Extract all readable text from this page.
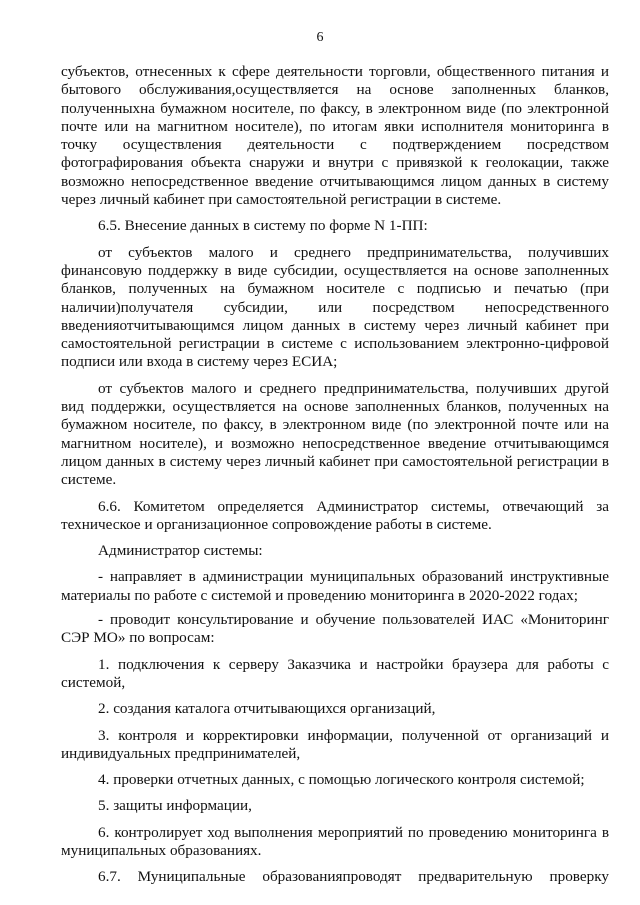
6
субъектов, отнесенных к сфере деятельности торговли, общественного питания и
бытового обслуживания,осуществляется на основе заполненных бланков,
полученныхна бумажном носителе, по факсу, в электронном виде (по электронной
почте или на магнитном носителе), по итогам явки исполнителя мониторинга в
точку осуществления деятельности с подтверждением посредством
фотографирования объекта снаружи и внутри с привязкой к геолокации, также
возможно непосредственное введение отчитывающимся лицом данных в систему
через личный кабинет при самостоятельной регистрации в системе.
6.5. Внесение данных в систему по форме N 1-ПП:
от субъектов малого и среднего предпринимательства, получивших
финансовую поддержку в виде субсидии, осуществляется на основе заполненных
бланков, полученных на бумажном носителе с подписью и печатью (при
наличии)получателя субсидии, или посредством непосредственного
введенияотчитывающимся лицом данных в систему через личный кабинет при
самостоятельной регистрации в системе с использованием электронно-цифровой
подписи или входа в систему через ЕСИА;
от субъектов малого и среднего предпринимательства, получивших другой
вид поддержки, осуществляется на основе заполненных бланков, полученных на
бумажном носителе, по факсу, в электронном виде (по электронной почте или на
магнитном носителе), и возможно непосредственное введение отчитывающимся
лицом данных в систему через личный кабинет при самостоятельной регистрации в
системе.
6.6. Комитетом определяется Администратор системы, отвечающий за
техническое и организационное сопровождение работы в системе.
Администратор системы:
- направляет в администрации муниципальных образований инструктивные
материалы по работе с системой и проведению мониторинга в 2020-2022 годах;
- проводит консультирование и обучение пользователей ИАС «Мониторинг
СЭР МО» по вопросам:
1. подключения к серверу Заказчика и настройки браузера для работы с
системой,
2. создания каталога отчитывающихся организаций,
3. контроля и корректировки информации, полученной от организаций и
индивидуальных предпринимателей,
4. проверки отчетных данных, с помощью логического контроля системой;
5. защиты информации,
6. контролирует ход выполнения мероприятий по проведению мониторинга в
муниципальных образованиях.
6.7. Муниципальные образованияпроводят предварительную проверку
